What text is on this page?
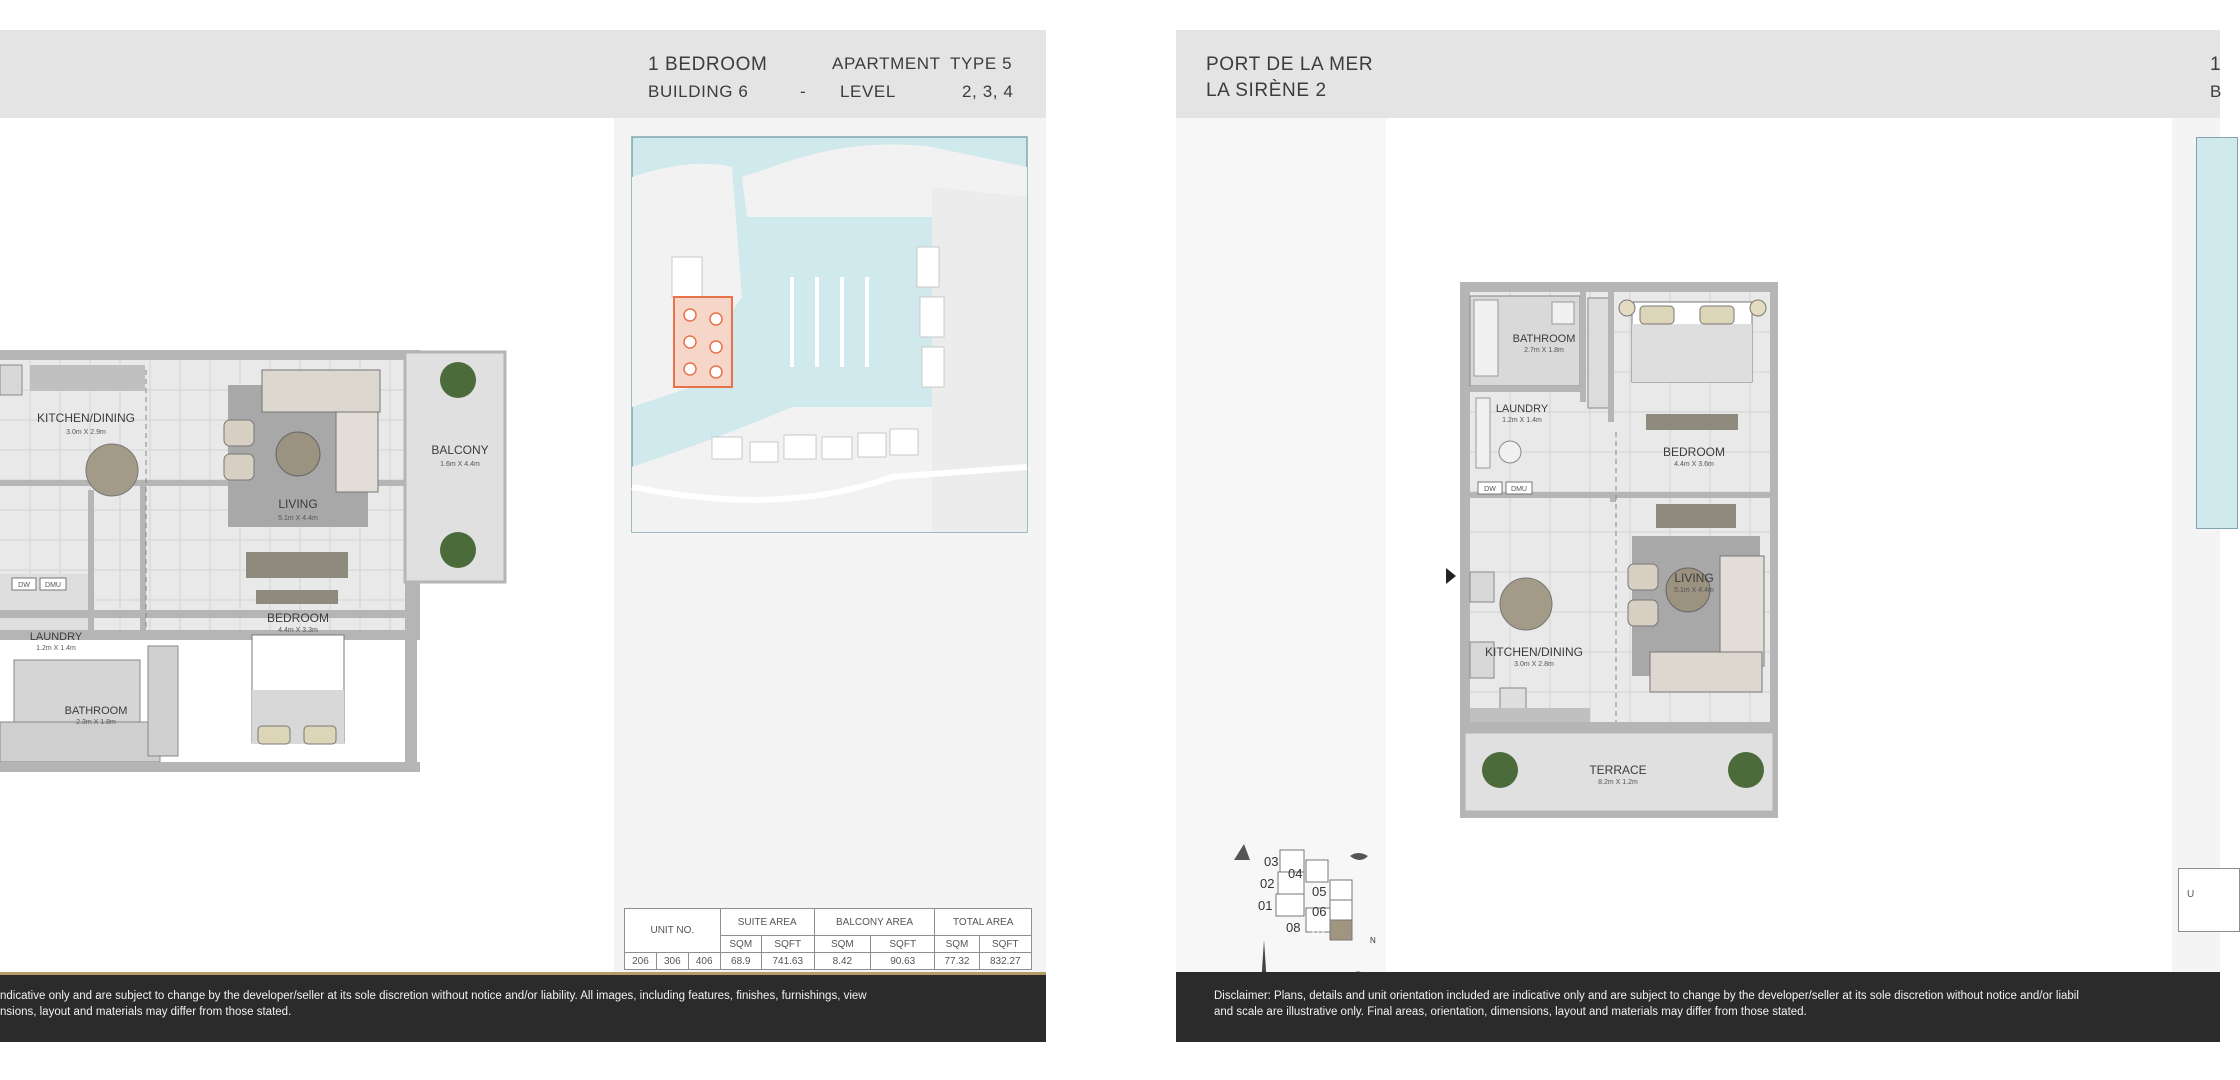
1 BEDROOM	APARTMENT TYPE 5
BUILDING 6	- LEVEL	2, 3, 4
KITCHEN/DINING
3.0m X 2.9m
LIVING
5.1m X 4.4m
BALCONY
1.6m X 4.4m
BEDROOM
4.4m X 3.3m
LAUNDRY
1.2m X 1.4m
BATHROOM
2.3m X 1.8m
DW DMU
UNIT NO.			SUITE AREA		BALCONY AREA		TOTAL AREA	
			SQM	SQFT	SQM	SQFT	SQM	SQFT
206	306	406	68.9	741.63	8.42	90.63	77.32	832.27
ndicative only and are subject to change by the developer/seller at its sole discretion without notice and/or liability. All images, including features, finishes, furnishings, view
nsions, layout and materials may differ from those stated.
PORT DE LA MER
LA SIRÈNE 2
1
B
U
03
04
02
05
01	06
08 07
N
DW DMU
BATHROOM
2.7m X 1.8m
LAUNDRY
1.2m X 1.4m
BEDROOM
4.4m X 3.6m
LIVING
5.1m X 4.4m
KITCHEN/DINING
3.0m X 2.8m
TERRACE
8.2m X 1.2m
Disclaimer: Plans, details and unit orientation included are indicative only and are subject to change by the developer/seller at its sole discretion without notice and/or liabil
and scale are illustrative only. Final areas, orientation, dimensions, layout and materials may differ from those stated.
